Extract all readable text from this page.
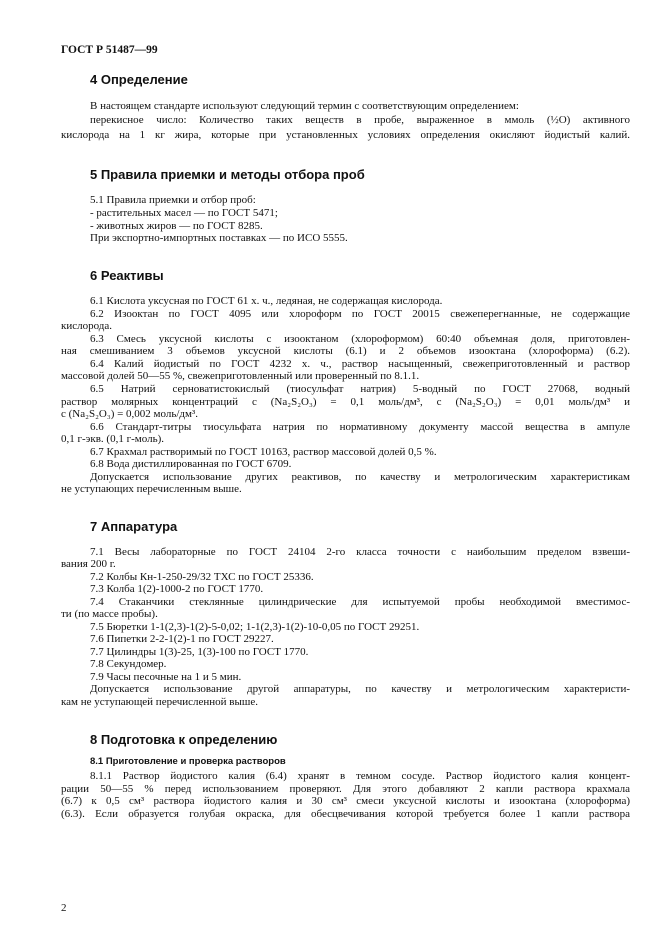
ГОСТ Р 51487—99
4 Определение
В настоящем стандарте используют следующий термин с соответствующим определением:
перекисное число: Количество таких веществ в пробе, выраженное в ммоль (½О) активного
кислорода на 1 кг жира, которые при установленных условиях определения окисляют йодистый калий.
5 Правила приемки и методы отбора проб
5.1 Правила приемки и отбор проб:
- растительных масел — по ГОСТ 5471;
- животных жиров — по ГОСТ 8285.
При экспортно-импортных поставках — по ИСО 5555.
6 Реактивы
6.1 Кислота уксусная по ГОСТ 61 х. ч., ледяная, не содержащая кислорода.
6.2 Изооктан по ГОСТ 4095 или хлороформ по ГОСТ 20015 свежеперегнанные, не содержащие
кислорода.
6.3 Смесь уксусной кислоты с изооктаном (хлороформом) 60:40 объемная доля, приготовлен-
ная смешиванием 3 объемов уксусной кислоты (6.1) и 2 объемов изооктана (хлороформа) (6.2).
6.4 Калий йодистый по ГОСТ 4232 х. ч., раствор насыщенный, свежеприготовленный и раствор
массовой долей 50—55 %, свежеприготовленный или проверенный по 8.1.1.
6.5 Натрий серноватистокислый (тиосульфат натрия) 5-водный по ГОСТ 27068, водный
раствор молярных концентраций c (Na₂S₂O₃) = 0,1 моль/дм³, c (Na₂S₂O₃) = 0,01 моль/дм³ и
c (Na₂S₂O₃) = 0,002 моль/дм³.
6.6 Стандарт-титры тиосульфата натрия по нормативному документу массой вещества в ампуле
0,1 г-экв. (0,1 г-моль).
6.7 Крахмал растворимый по ГОСТ 10163, раствор массовой долей 0,5 %.
6.8 Вода дистиллированная по ГОСТ 6709.
Допускается использование других реактивов, по качеству и метрологическим характеристикам
не уступающих перечисленным выше.
7 Аппаратура
7.1 Весы лабораторные по ГОСТ 24104 2-го класса точности с наибольшим пределом взвеши-
вания 200 г.
7.2 Колбы Кн-1-250-29/32 ТХС по ГОСТ 25336.
7.3 Колба 1(2)-1000-2 по ГОСТ 1770.
7.4 Стаканчики стеклянные цилиндрические для испытуемой пробы необходимой вместимос-
ти (по массе пробы).
7.5 Бюретки 1-1(2,3)-1(2)-5-0,02; 1-1(2,3)-1(2)-10-0,05 по ГОСТ 29251.
7.6 Пипетки 2-2-1(2)-1 по ГОСТ 29227.
7.7 Цилиндры 1(3)-25, 1(3)-100 по ГОСТ 1770.
7.8 Секундомер.
7.9 Часы песочные на 1 и 5 мин.
Допускается использование другой аппаратуры, по качеству и метрологическим характеристи-
кам не уступающей перечисленной выше.
8 Подготовка к определению
8.1 Приготовление и проверка растворов
8.1.1 Раствор йодистого калия (6.4) хранят в темном сосуде. Раствор йодистого калия концент-
рации 50—55 % перед использованием проверяют. Для этого добавляют 2 капли раствора крахмала
(6.7) к 0,5 см³ раствора йодистого калия и 30 см³ смеси уксусной кислоты и изооктана (хлороформа)
(6.3). Если образуется голубая окраска, для обесцвечивания которой требуется более 1 капли раствора
2
